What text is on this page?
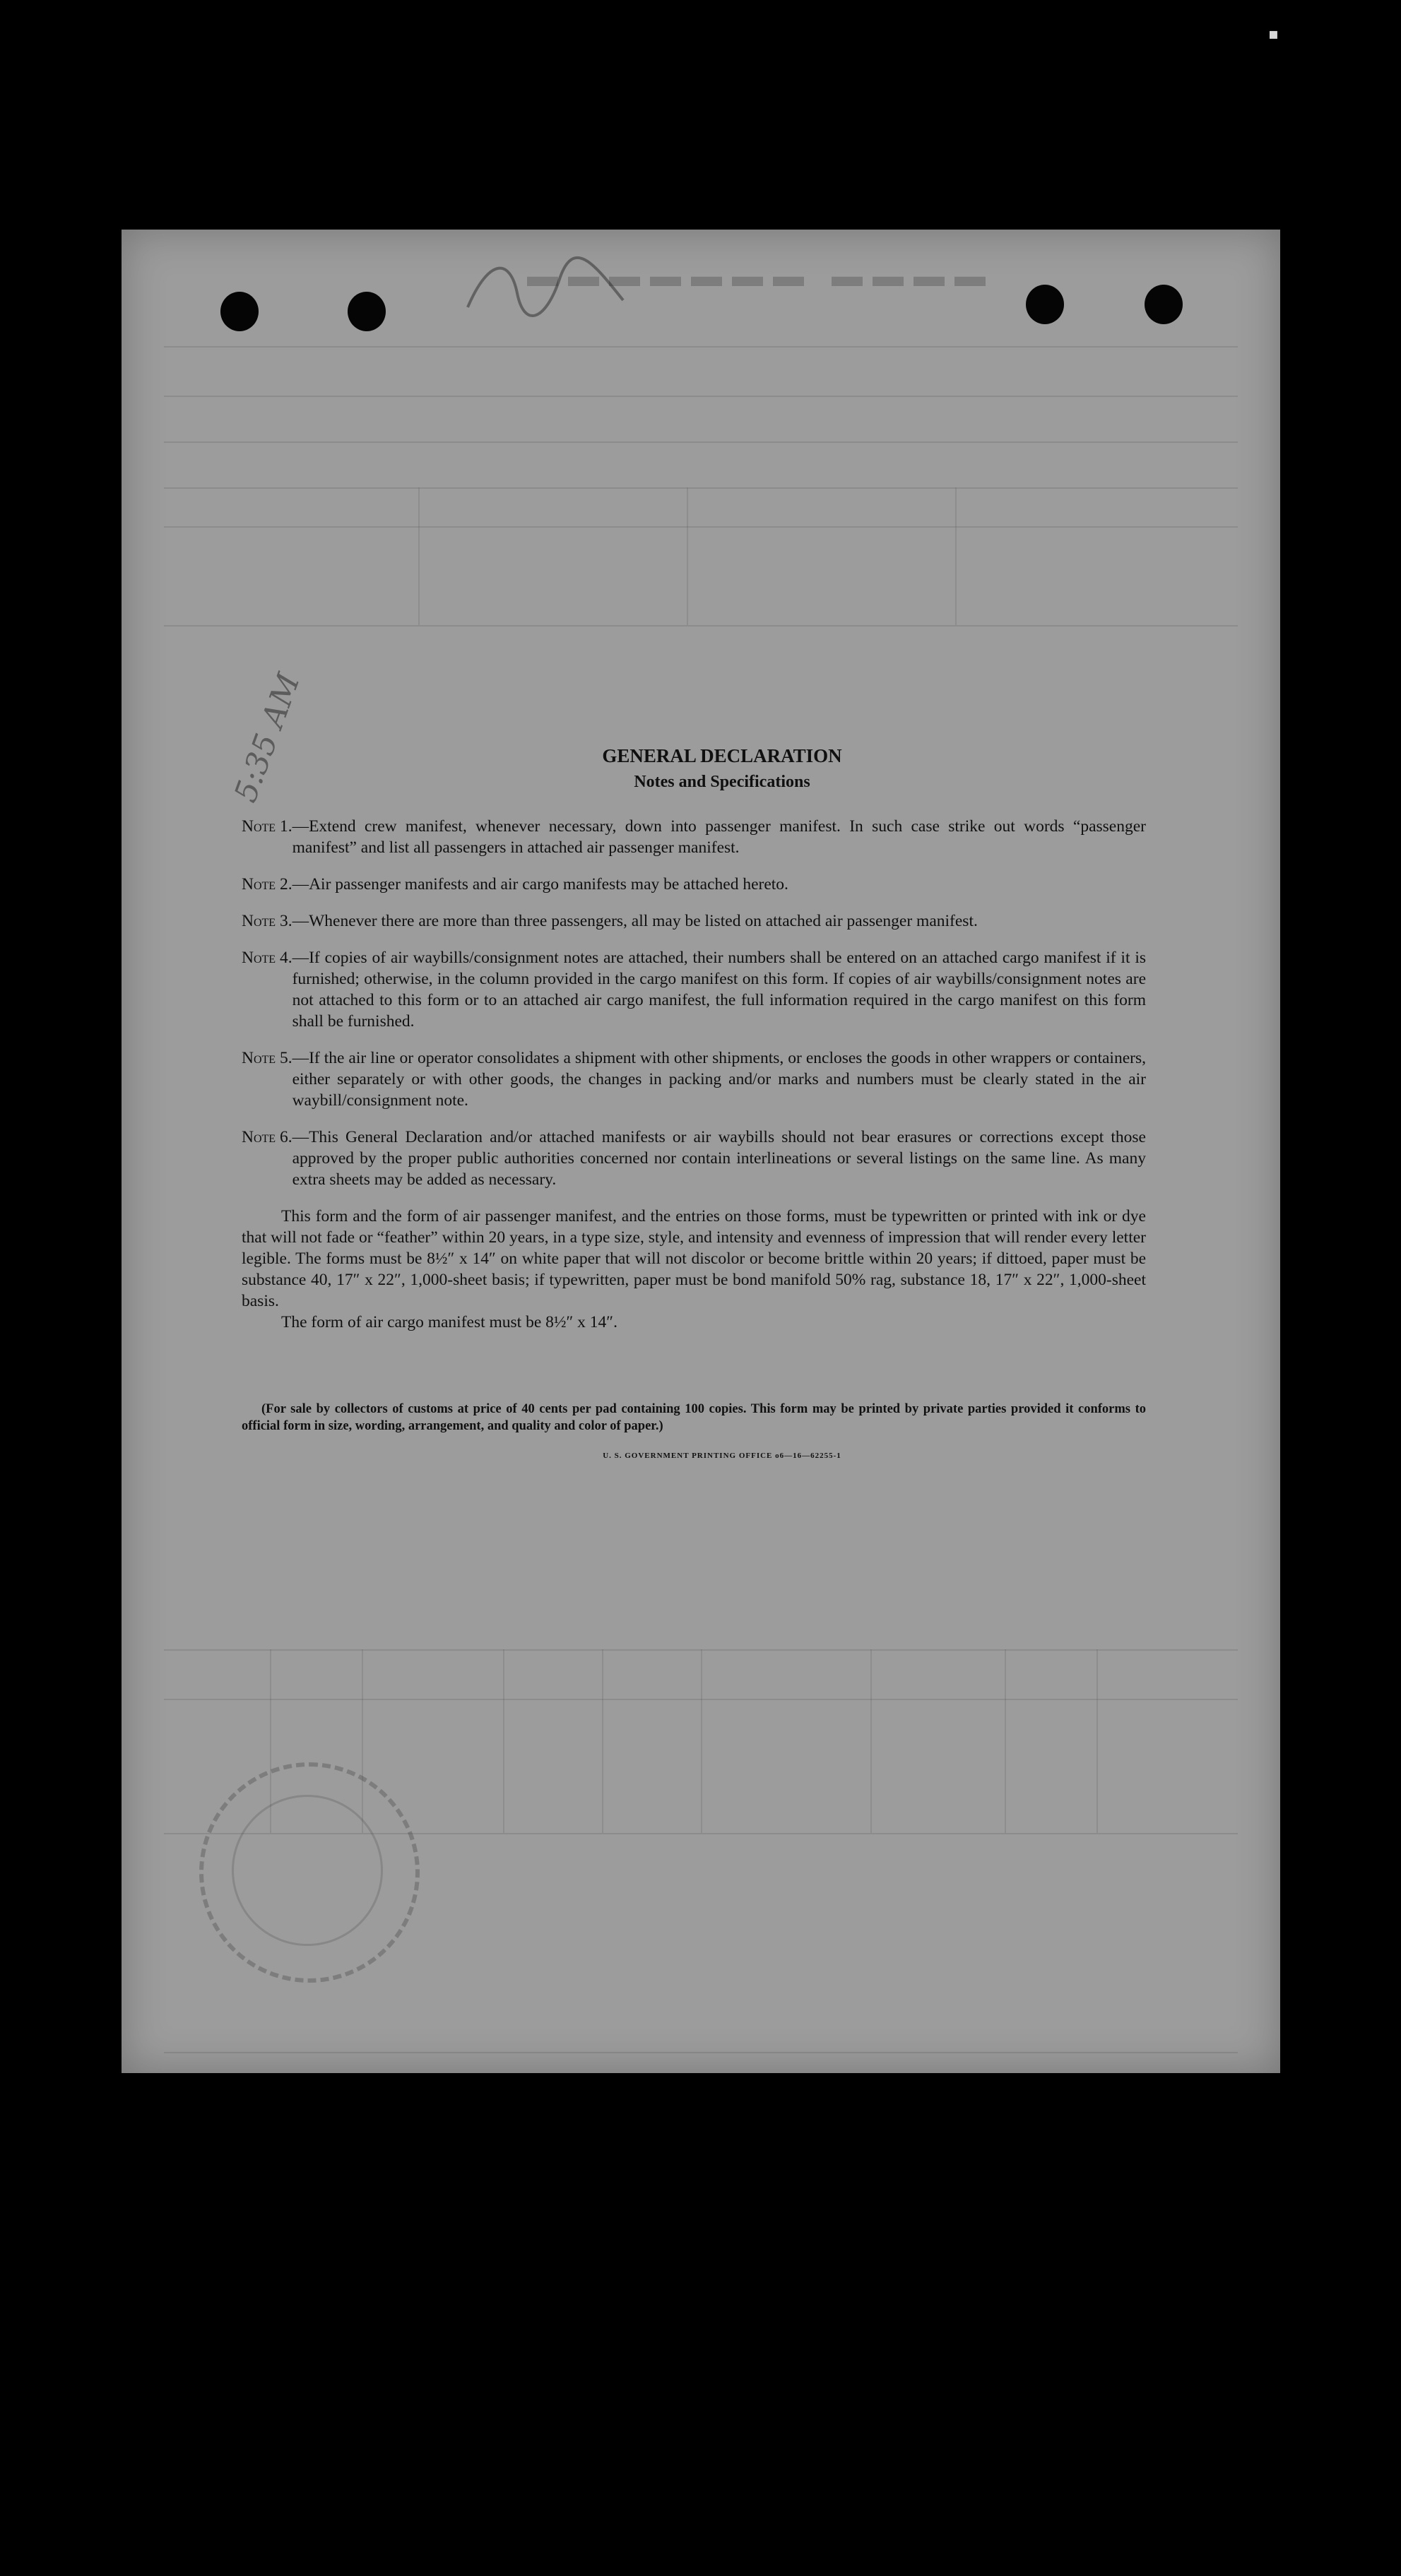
▪
▬▬▬▬ ▬▬▬▬▬▬▬
5:35 AM	GENERAL DECLARATION
Notes and Specifications
Note 1. —Extend crew manifest, whenever necessary, down into passenger manifest. In such case strike out words “passenger manifest” and list all passengers in attached air passenger manifest.
Note 2. —Air passenger manifests and air cargo manifests may be attached hereto.
Note 3. —Whenever there are more than three passengers, all may be listed on attached air passenger manifest.
Note 4. —If copies of air waybills/consignment notes are attached, their numbers shall be entered on an attached cargo manifest if it is furnished; otherwise, in the column provided in the cargo manifest on this form. If copies of air waybills/consignment notes are not attached to this form or to an attached air cargo manifest, the full information required in the cargo manifest on this form shall be furnished.
Note 5. —If the air line or operator consolidates a shipment with other shipments, or encloses the goods in other wrappers or containers, either separately or with other goods, the changes in packing and/or marks and numbers must be clearly stated in the air waybill/consignment note.
Note 6. —This General Declaration and/or attached manifests or air waybills should not bear erasures or corrections except those approved by the proper public authorities concerned nor contain interlineations or several listings on the same line. As many extra sheets may be added as necessary.
This form and the form of air passenger manifest, and the entries on those forms, must be typewritten or printed with ink or dye that will not fade or “feather” within 20 years, in a type size, style, and intensity and evenness of impression that will render every letter legible. The forms must be 8½″ x 14″ on white paper that will not discolor or become brittle within 20 years; if dittoed, paper must be substance 40, 17″ x 22″, 1,000-sheet basis; if typewritten, paper must be bond manifold 50% rag, substance 18, 17″ x 22″, 1,000-sheet basis.
The form of air cargo manifest must be 8½″ x 14″.
(For sale by collectors of customs at price of 40 cents per pad containing 100 copies. This form may be printed by private parties provided it conforms to official form in size, wording, arrangement, and quality and color of paper.)
U. S. GOVERNMENT PRINTING OFFICE o6—16—62255-1
